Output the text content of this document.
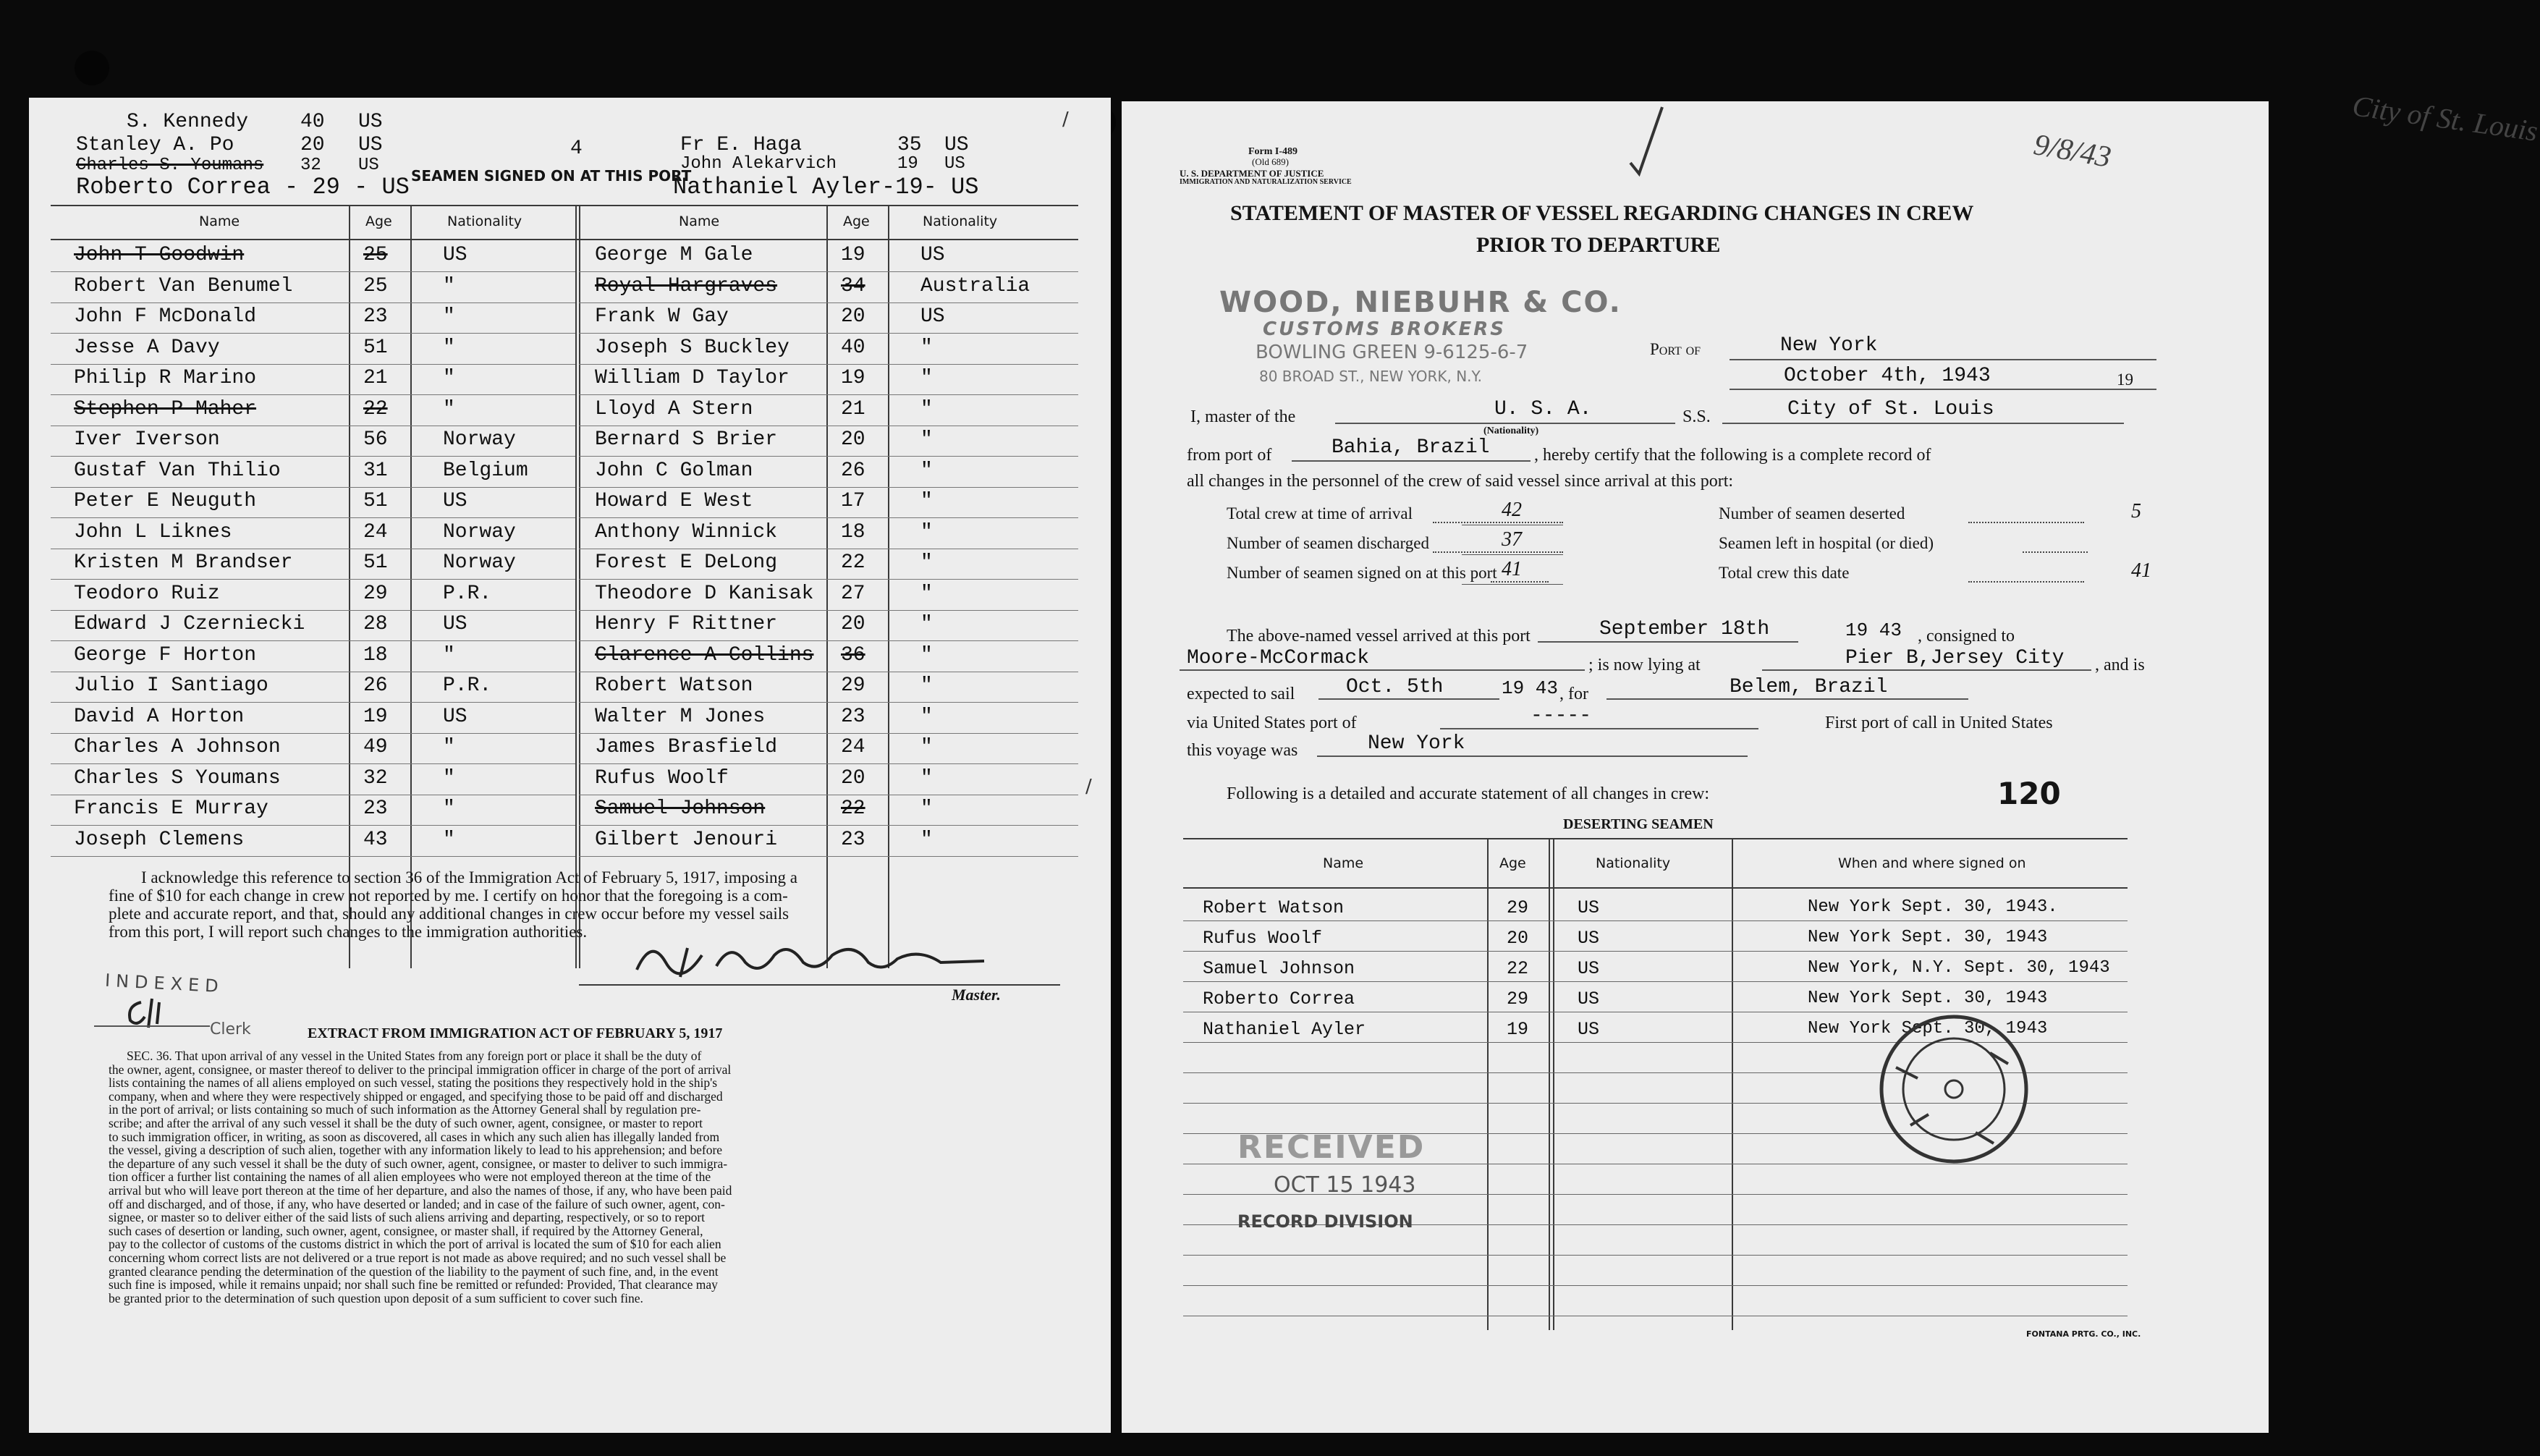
S. Kennedy	40 US
Stanley A. Po	20 US
Charles S. Youmans 32 US
Roberto Correa - 29 - US
4
SEAMEN SIGNED ON AT THIS PORT
Fr E. Haga	35 US
John Alekarvich	19 US
Nathaniel Ayler-19- US
Name	Age	Nationality	Name	Age	Nationality
John T Goodwin	25	US
Robert Van Benumel	25	"
John F McDonald	23	"
Jesse A Davy	51	"
Philip R Marino	21	"
Stephen P Maher	22	"
Iver Iverson	56	Norway
Gustaf Van Thilio	31	Belgium
Peter E Neuguth	51	US
John L Liknes	24	Norway
Kristen M Brandser	51	Norway
Teodoro Ruiz	29	P.R.
Edward J Czerniecki	28	US
George F Horton	18	"
Julio I Santiago	26	P.R.
David A Horton	19	US
Charles A Johnson	49	"
Charles S Youmans	32	"
Francis E Murray	23	"
Joseph Clemens	43	"
George M Gale	19	US
Royal Hargraves	34	Australia
Frank W Gay	20	US
Joseph S Buckley	40	"
William D Taylor	19	"
Lloyd A Stern	21	"
Bernard S Brier	20	"
John C Golman	26	"
Howard E West	17	"
Anthony Winnick	18	"
Forest E DeLong	22	"
Theodore D Kanisak 27	"
Henry F Rittner	20	"
Clarence A Collins 36	"
Robert Watson	29	"
Walter M Jones	23	"
James Brasfield	24	"
Rufus Woolf	20	"
Samuel Johnson	22	"
Gilbert Jenouri	23	"
I acknowledge this reference to section 36 of the Immigration Act of February 5, 1917, imposing a
fine of $10 for each change in crew not reported by me. I certify on honor that the foregoing is a com-
plete and accurate report, and that, should any additional changes in crew occur before my vessel sails
from this port, I will report such changes to the immigration authorities.
Master.
INDEXED
Clerk	EXTRACT FROM IMMIGRATION ACT OF FEBRUARY 5, 1917
SEC. 36. That upon arrival of any vessel in the United States from any foreign port or place it shall be the duty of
the owner, agent, consignee, or master thereof to deliver to the principal immigration officer in charge of the port of arrival
lists containing the names of all aliens employed on such vessel, stating the positions they respectively hold in the ship's
company, when and where they were respectively shipped or engaged, and specifying those to be paid off and discharged
in the port of arrival; or lists containing so much of such information as the Attorney General shall by regulation pre-
scribe; and after the arrival of any such vessel it shall be the duty of such owner, agent, consignee, or master to report
to such immigration officer, in writing, as soon as discovered, all cases in which any such alien has illegally landed from
the vessel, giving a description of such alien, together with any information likely to lead to his apprehension; and before
the departure of any such vessel it shall be the duty of such owner, agent, consignee, or master to deliver to such immigra-
tion officer a further list containing the names of all alien employees who were not employed thereon at the time of the
arrival but who will leave port thereon at the time of her departure, and also the names of those, if any, who have been paid
off and discharged, and of those, if any, who have deserted or landed; and in case of the failure of such owner, agent, con-
signee, or master so to deliver either of the said lists of such aliens arriving and departing, respectively, or so to report
such cases of desertion or landing, such owner, agent, consignee, or master shall, if required by the Attorney General,
pay to the collector of customs of the customs district in which the port of arrival is located the sum of $10 for each alien
concerning whom correct lists are not delivered or a true report is not made as above required; and no such vessel shall be
granted clearance pending the determination of the question of the liability to the payment of such fine, and, in the event
such fine is imposed, while it remains unpaid; nor shall such fine be remitted or refunded: Provided, That clearance may
be granted prior to the determination of such question upon deposit of a sum sufficient to cover such fine.
Form I-489
(Old 689)
U. S. DEPARTMENT OF JUSTICE
IMMIGRATION AND NATURALIZATION SERVICE
City of St. Louis
9/8/43
STATEMENT OF MASTER OF VESSEL REGARDING CHANGES IN CREW
PRIOR TO DEPARTURE
WOOD, NIEBUHR & CO.
CUSTOMS BROKERS
BOWLING GREEN 9-6125-6-7
80 BROAD ST., NEW YORK, N.Y.
Port of	New York
October 4th, 1943	19
I, master of the	U. S. A.
(Nationality)
S.S.	City of St. Louis
from port of	Bahia, Brazil	, hereby certify that the following is a complete record of
all changes in the personnel of the crew of said vessel since arrival at this port:
Total crew at time of arrival	42
Number of seamen discharged	37
Number of seamen signed on at this port 41
Number of seamen deserted	5
Seamen left in hospital (or died)
Total crew this date	41
The above-named vessel arrived at this port	September 18th	19 43 , consigned to
Moore-McCormack	; is now lying at	Pier B,Jersey City , and is
expected to sail	Oct. 5th	19 43 , for	Belem, Brazil
via United States port of	-----	First port of call in United States
this voyage was	New York
Following is a detailed and accurate statement of all changes in crew:	120
DESERTING SEAMEN
Name	Age	Nationality	When and where signed on
Robert Watson	29	US	New York Sept. 30, 1943.
Rufus Woolf	20	US	New York Sept. 30, 1943
Samuel Johnson	22	US	New York, N.Y. Sept. 30, 1943
Roberto Correa	29	US	New York Sept. 30, 1943
Nathaniel Ayler	19	US	New York Sept. 30, 1943
RECEIVED
OCT 15 1943
RECORD DIVISION
FONTANA PRTG. CO., INC.
/
/
